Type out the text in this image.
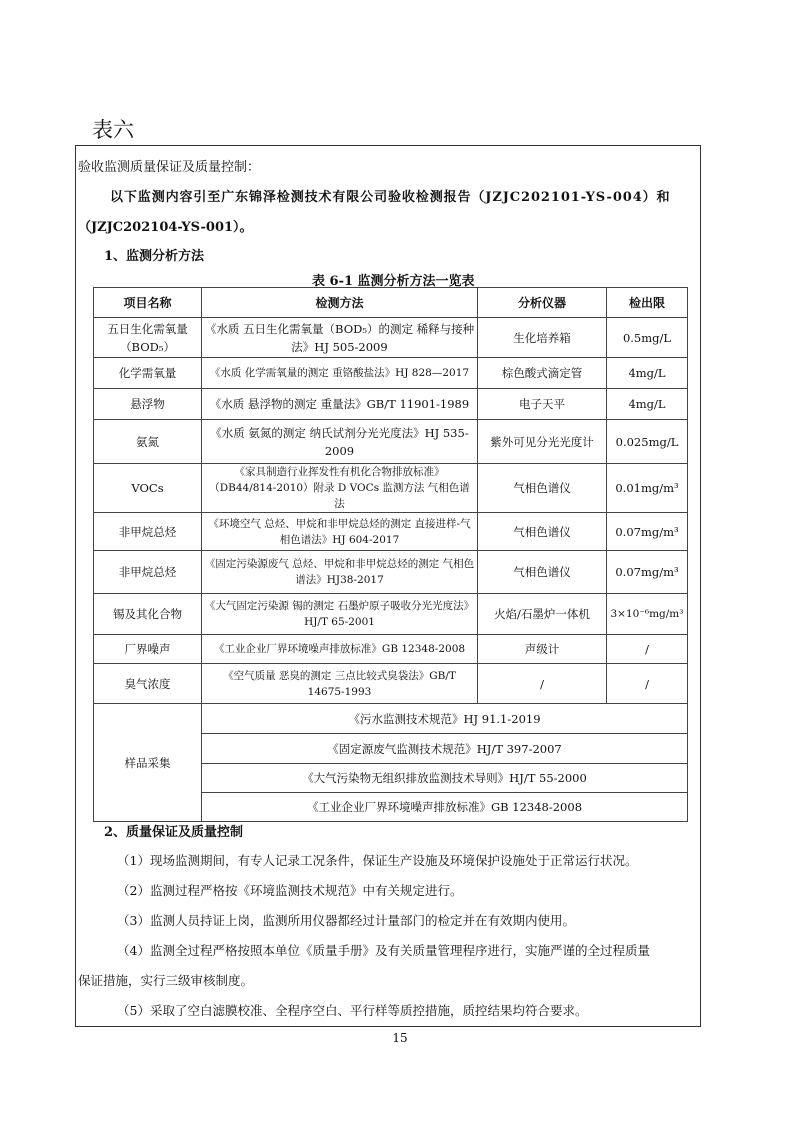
表六
验收监测质量保证及质量控制：
以下监测内容引至广东锦泽检测技术有限公司验收检测报告（JZJC202101-YS-004）和
（JZJC202104-YS-001）。
1、监测分析方法
表 6-1 监测分析方法一览表
项目名称	检测方法	分析仪器	检出限
五日生化需氧量（BOD₅）	《水质 五日生化需氧量（BOD₅）的测定 稀释与接种法》HJ 505-2009	生化培养箱	0.5mg/L
化学需氧量	《水质 化学需氧量的测定 重铬酸盐法》HJ 828—2017	棕色酸式滴定管	4mg/L
悬浮物	《水质 悬浮物的测定 重量法》GB/T 11901-1989	电子天平	4mg/L
氨氮	《水质 氨氮的测定 纳氏试剂分光光度法》HJ 535-2009	紫外可见分光光度计	0.025mg/L
VOCs	《家具制造行业挥发性有机化合物排放标准》（DB44/814-2010）附录 D VOCs 监测方法 气相色谱法	气相色谱仪	0.01mg/m³
非甲烷总烃	《环境空气 总烃、甲烷和非甲烷总烃的测定 直接进样-气相色谱法》HJ 604-2017	气相色谱仪	0.07mg/m³
非甲烷总烃	《固定污染源废气 总烃、甲烷和非甲烷总烃的测定 气相色谱法》HJ38-2017	气相色谱仪	0.07mg/m³
锡及其化合物	《大气固定污染源 锡的测定 石墨炉原子吸收分光光度法》HJ/T 65-2001	火焰/石墨炉一体机	3×10⁻⁶mg/m³
厂界噪声	《工业企业厂界环境噪声排放标准》GB 12348-2008	声级计	/
臭气浓度	《空气质量 恶臭的测定 三点比较式臭袋法》GB/T 14675-1993	/	/
样品采集	《污水监测技术规范》HJ 91.1-2019		
	《固定源废气监测技术规范》HJ/T 397-2007		
	《大气污染物无组织排放监测技术导则》HJ/T 55-2000		
	《工业企业厂界环境噪声排放标准》GB 12348-2008		
2、质量保证及质量控制
（1）现场监测期间，有专人记录工况条件，保证生产设施及环境保护设施处于正常运行状况。
（2）监测过程严格按《环境监测技术规范》中有关规定进行。
（3）监测人员持证上岗，监测所用仪器都经过计量部门的检定并在有效期内使用。
（4）监测全过程严格按照本单位《质量手册》及有关质量管理程序进行，实施严谨的全过程质量
保证措施，实行三级审核制度。
（5）采取了空白滤膜校准、全程序空白、平行样等质控措施，质控结果均符合要求。
15
